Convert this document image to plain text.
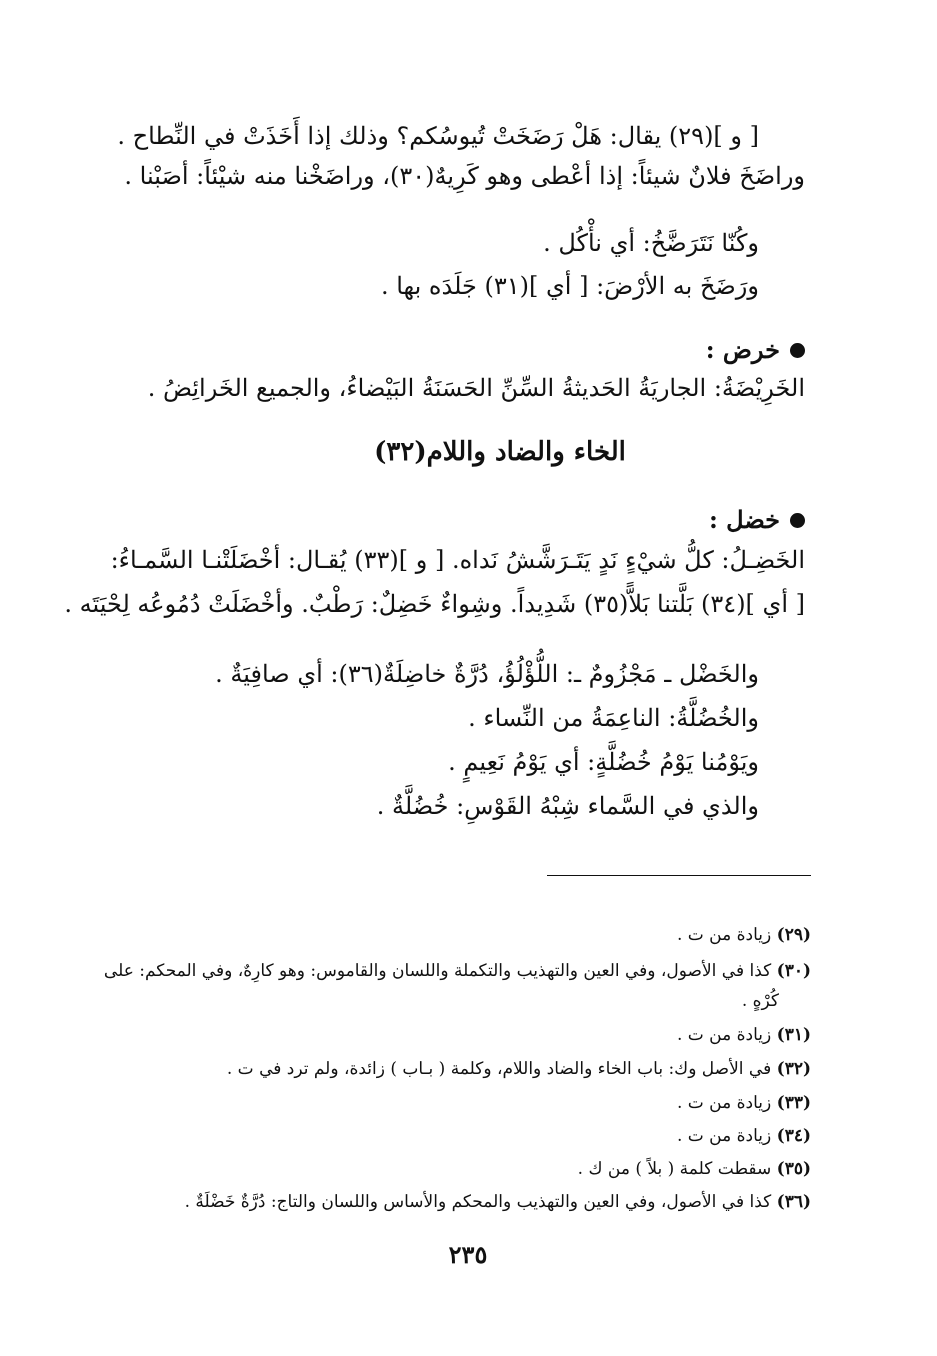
[ و ](٢٩) يقال: هَلْ رَضَخَتْ تُيوسُكم؟ وذلك إذا أَخَذَتْ في النِّطاح .
وراضَخَ فلانٌ شيئاً: إذا أعْطى وهو كَرِيهٌ(٣٠)، وراضَخْنا منه شيْئاً: أصَبْنا .
وكُنّا نَتَرَضَّخُ: أي نأْكُل .
ورَضَخَ به الأرْضَ: [ أي ](٣١) جَلَدَه بها .
خرض :
الخَرِيْضَةُ: الجاريَةُ الحَديثةُ السِّنِّ الحَسَنَةُ البَيْضاءُ، والجميع الخَرائِضُ .
الخاء والضاد واللام(٣٢)
خضل :
الخَضِـلُ: كلُّ شيْءٍ نَدٍ يَتَـرَشَّشُ نَداه. [ و ](٣٣) يُقـال: أخْضَلَتْنـا السَّمـاءُ:
[ أي ](٣٤) بَلَّتنا بَلاًّ(٣٥) شَدِيداً. وشِواءٌ خَضِلٌ: رَطْبٌ. وأخْضَلَتْ دُمُوعُه لِحْيَتَه .
والخَضْل ـ مَجْزُومٌ ـ: اللُّؤْلُؤُ، دُرَّةٌ خاضِلَةٌ(٣٦): أي صافِيَةٌ .
والخُضُلَّةُ: الناعِمَةُ من النِّساء .
ويَوْمُنا يَوْمُ خُضُلَّةٍ: أي يَوْمُ نَعِيمٍ .
والذي في السَّماء شِبْهُ القَوْسِ: خُضُلَّةٌ .
(٢٩) زيادة من ت .
(٣٠) كذا في الأصول، وفي العين والتهذيب والتكملة واللسان والقاموس: وهو كارِهٌ، وفي المحكم: على
كُرْهٍ .
(٣١) زيادة من ت .
(٣٢) في الأصل وك: باب الخاء والضاد واللام، وكلمة ( بـاب ) زائدة، ولم ترد في ت .
(٣٣) زيادة من ت .
(٣٤) زيادة من ت .
(٣٥) سقطت كلمة ( بلاً ) من ك .
(٣٦) كذا في الأصول، وفي العين والتهذيب والمحكم والأساس واللسان والتاج: دُرَّةٌ خَضْلَةٌ .
٢٣٥
